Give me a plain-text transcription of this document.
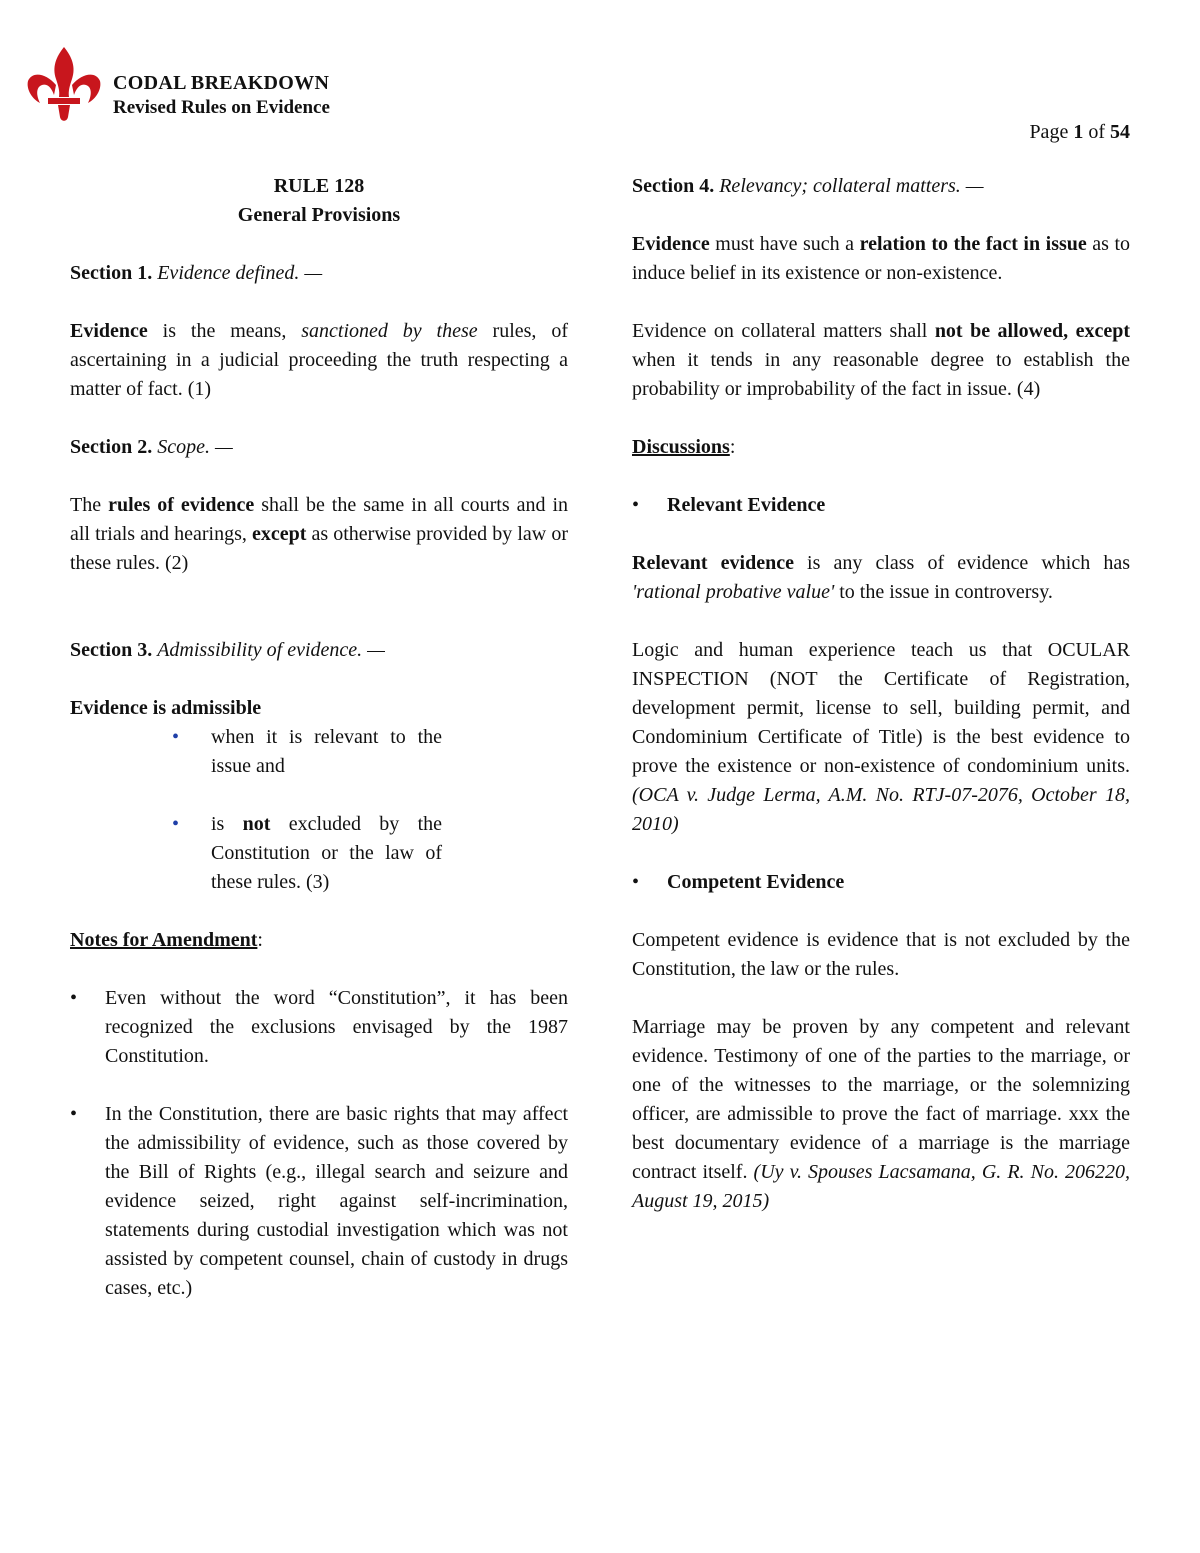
CODAL BREAKDOWN
Revised Rules on Evidence
Page 1 of 54

RULE 128

General Provisions

Section 1. Evidence defined. —

Evidence is the means, sanctioned by these rules, of ascertaining in a judicial proceeding the truth respecting a matter of fact. (1)

Section 2. Scope. —

The rules of evidence shall be the same in all courts and in all trials and hearings, except as otherwise provided by law or these rules. (2)

Section 3. Admissibility of evidence. —

Evidence is admissible

• when it is relevant to the issue and
• is not excluded by the Constitution or the law of these rules. (3)

Notes for Amendment:

• Even without the word “Constitution”, it has been recognized the exclusions envisaged by the 1987 Constitution.
• In the Constitution, there are basic rights that may affect the admissibility of evidence, such as those covered by the Bill of Rights (e.g., illegal search and seizure and evidence seized, right against self-incrimination, statements during custodial investigation which was not assisted by competent counsel, chain of custody in drugs cases, etc.)

Section 4. Relevancy; collateral matters. —

Evidence must have such a relation to the fact in issue as to induce belief in its existence or non-existence.

Evidence on collateral matters shall not be allowed, except when it tends in any reasonable degree to establish the probability or improbability of the fact in issue. (4)

Discussions:

• Relevant Evidence

Relevant evidence is any class of evidence which has 'rational probative value' to the issue in controversy.

Logic and human experience teach us that OCULAR INSPECTION (NOT the Certificate of Registration, development permit, license to sell, building permit, and Condominium Certificate of Title) is the best evidence to prove the existence or non-existence of condominium units. (OCA v. Judge Lerma, A.M. No. RTJ-07-2076, October 18, 2010)

• Competent Evidence

Competent evidence is evidence that is not excluded by the Constitution, the law or the rules.

Marriage may be proven by any competent and relevant evidence. Testimony of one of the parties to the marriage, or one of the witnesses to the marriage, or the solemnizing officer, are admissible to prove the fact of marriage. xxx the best documentary evidence of a marriage is the marriage contract itself. (Uy v. Spouses Lacsamana, G. R. No. 206220, August 19, 2015)
